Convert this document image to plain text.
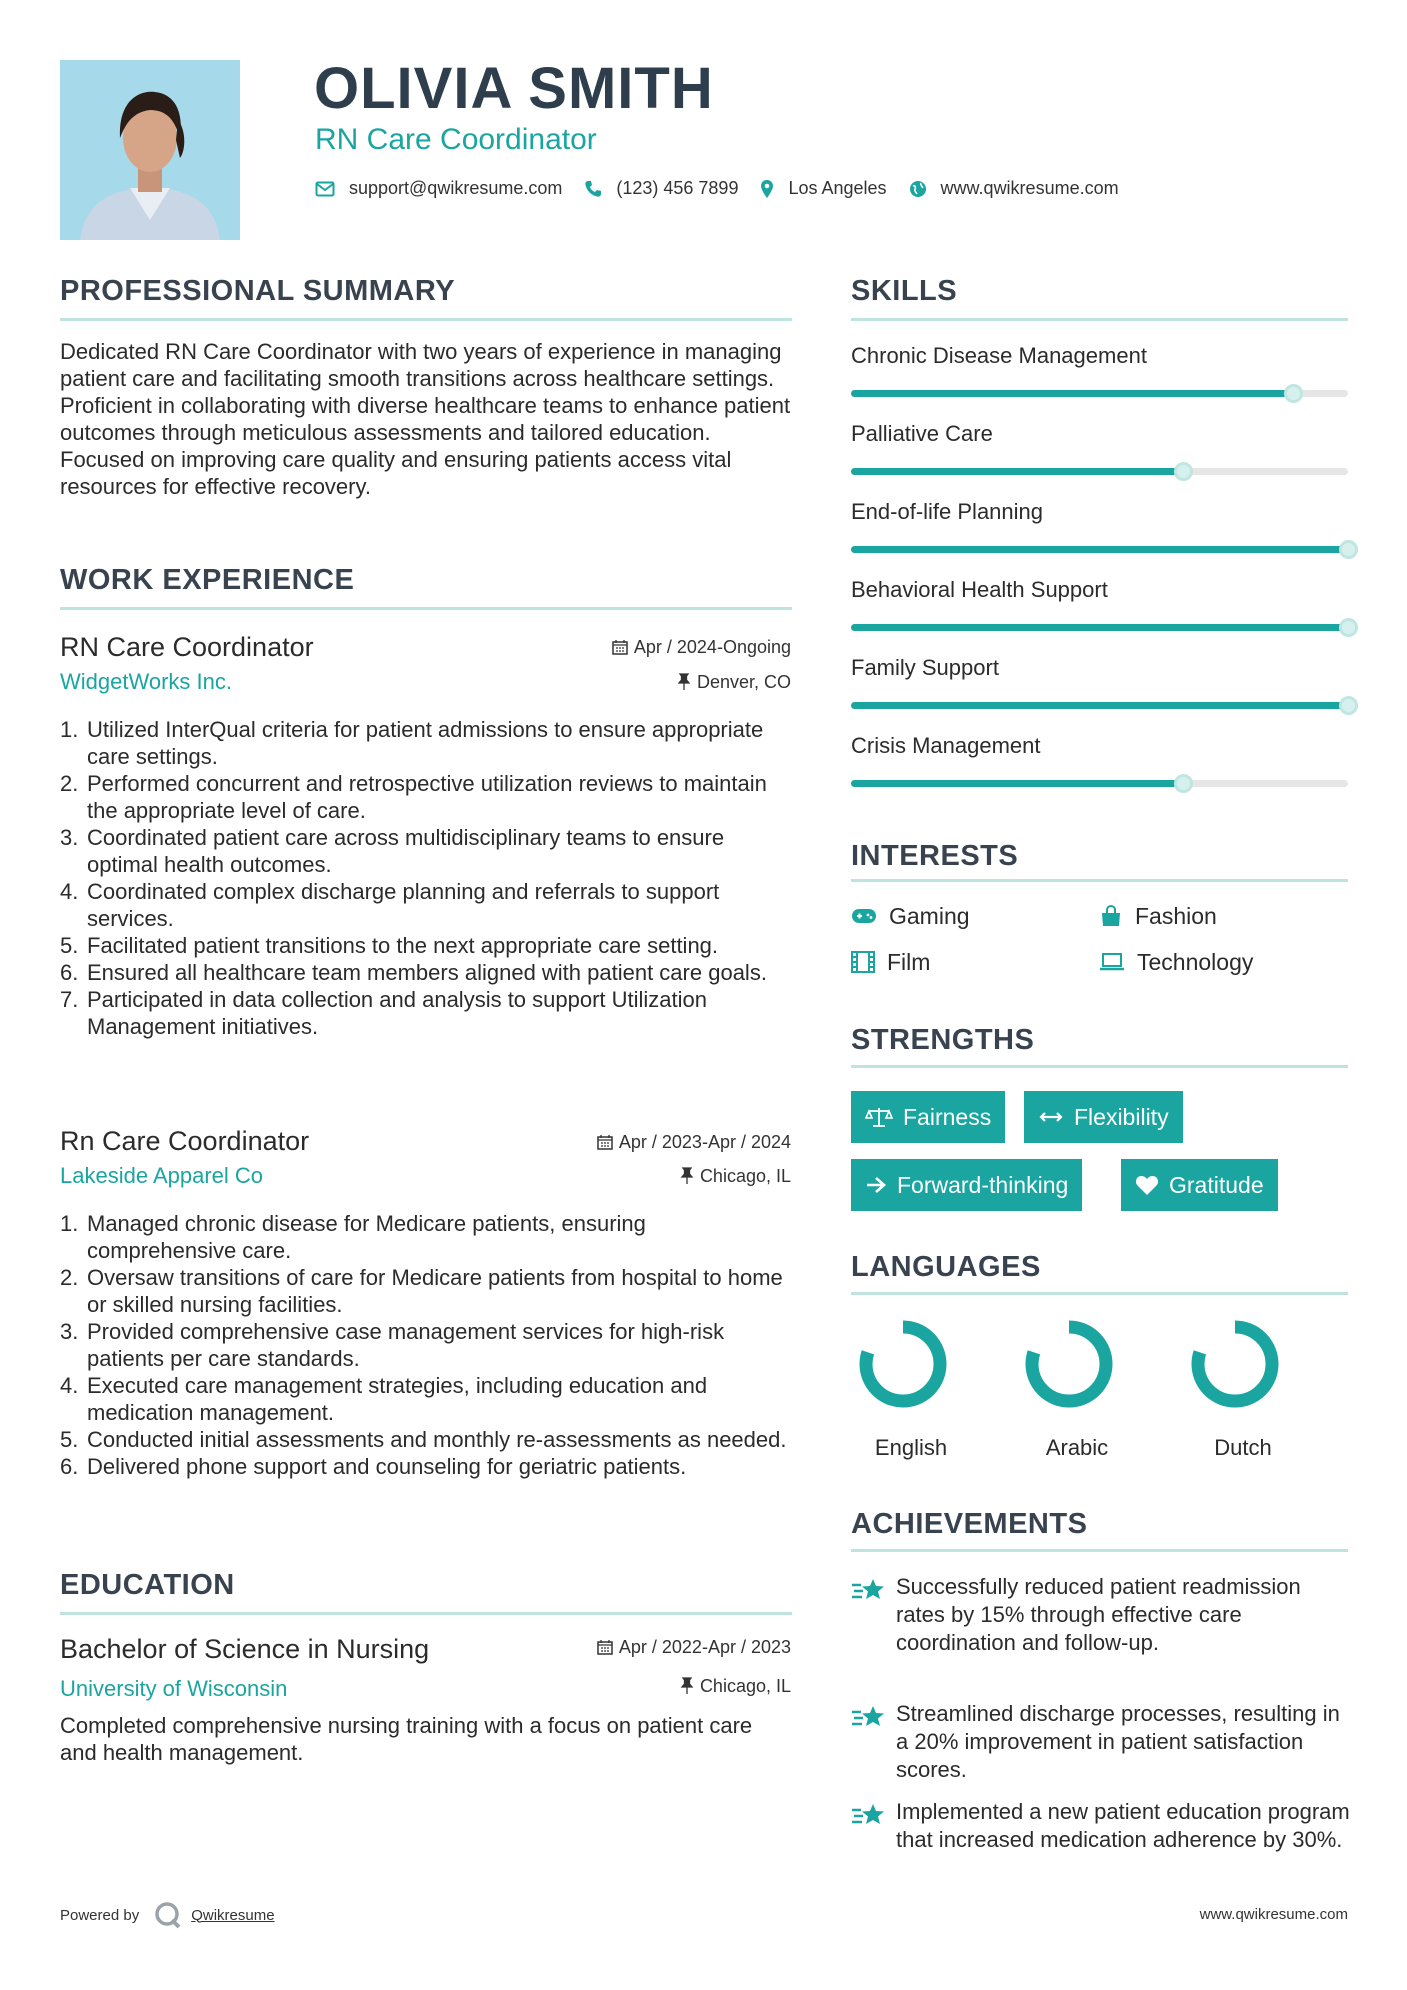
OLIVIA SMITH
RN Care Coordinator
support@qwikresume.com	(123) 456 7899	Los Angeles	www.qwikresume.com
PROFESSIONAL SUMMARY
Dedicated RN Care Coordinator with two years of experience in managing patient care and facilitating smooth transitions across healthcare settings. Proficient in collaborating with diverse healthcare teams to enhance patient outcomes through meticulous assessments and tailored education. Focused on improving care quality and ensuring patients access vital resources for effective recovery.
WORK EXPERIENCE
RN Care Coordinator	Apr / 2024-Ongoing
WidgetWorks Inc.	Denver, CO
1 . Utilized InterQual criteria for patient admissions to ensure appropriate care settings.
2 . Performed concurrent and retrospective utilization reviews to maintain the appropriate level of care.
3 . Coordinated patient care across multidisciplinary teams to ensure optimal health outcomes.
4 . Coordinated complex discharge planning and referrals to support services.
5 . Facilitated patient transitions to the next appropriate care setting.
6 . Ensured all healthcare team members aligned with patient care goals.
7 . Participated in data collection and analysis to support Utilization Management initiatives.
Rn Care Coordinator	Apr / 2023-Apr / 2024
Lakeside Apparel Co	Chicago, IL
1 . Managed chronic disease for Medicare patients, ensuring comprehensive care.
2 . Oversaw transitions of care for Medicare patients from hospital to home or skilled nursing facilities.
3 . Provided comprehensive case management services for high-risk patients per care standards.
4 . Executed care management strategies, including education and medication management.
5 . Conducted initial assessments and monthly re-assessments as needed.
6 . Delivered phone support and counseling for geriatric patients.
EDUCATION
Bachelor of Science in Nursing	Apr / 2022-Apr / 2023
University of Wisconsin	Chicago, IL
Completed comprehensive nursing training with a focus on patient care and health management.
SKILLS
Chronic Disease Management
Palliative Care
End-of-life Planning
Behavioral Health Support
Family Support
Crisis Management
INTERESTS
Gaming	Fashion
Film	Technology
STRENGTHS
Fairness	Flexibility
Forward-thinking	Gratitude
LANGUAGES
English	Arabic	Dutch
ACHIEVEMENTS
Successfully reduced patient readmission rates by 15% through effective care coordination and follow-up.
Streamlined discharge processes, resulting in a 20% improvement in patient satisfaction scores.
Implemented a new patient education program that increased medication adherence by 30%.
Powered by	Qwikresume	www.qwikresume.com
